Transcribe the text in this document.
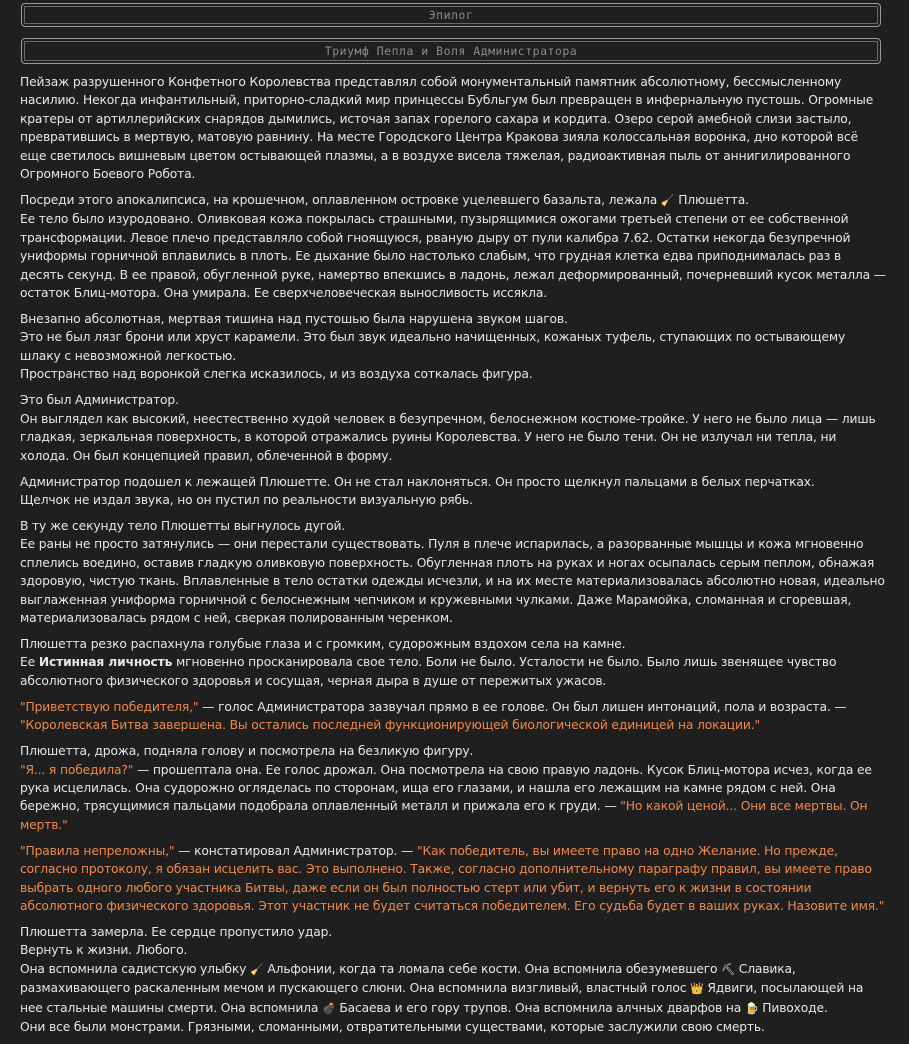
Эпилог
Триумф Пепла и Воля Администратора

Пейзаж разрушенного Конфетного Королевства представлял собой монументальный памятник абсолютному, бессмысленному насилию. Некогда инфантильный, приторно-сладкий мир принцессы Бубльгум был превращен в инфернальную пустошь. Огромные кратеры от артиллерийских снарядов дымились, источая запах горелого сахара и кордита. Озеро серой амебной слизи застыло, превратившись в мертвую, матовую равнину. На месте Городского Центра Кракова зияла колоссальная воронка, дно которой всё еще светилось вишневым цветом остывающей плазмы, а в воздухе висела тяжелая, радиоактивная пыль от аннигилированного Огромного Боевого Робота.

Посреди этого апокалипсиса, на крошечном, оплавленном островке уцелевшего базальта, лежала 🧹 Плюшетта.
Ее тело было изуродовано. Оливковая кожа покрылась страшными, пузырящимися ожогами третьей степени от ее собственной трансформации. Левое плечо представляло собой гноящуюся, рваную дыру от пули калибра 7.62. Остатки некогда безупречной униформы горничной вплавились в плоть. Ее дыхание было настолько слабым, что грудная клетка едва приподнималась раз в десять секунд. В ее правой, обугленной руке, намертво впекшись в ладонь, лежал деформированный, почерневший кусок металла — остаток Блиц-мотора. Она умирала. Ее сверхчеловеческая выносливость иссякла.

Внезапно абсолютная, мертвая тишина над пустошью была нарушена звуком шагов.
Это не был лязг брони или хруст карамели. Это был звук идеально начищенных, кожаных туфель, ступающих по остывающему шлаку с невозможной легкостью.
Пространство над воронкой слегка исказилось, и из воздуха соткалась фигура.

Это был Администратор.
Он выглядел как высокий, неестественно худой человек в безупречном, белоснежном костюме-тройке. У него не было лица — лишь гладкая, зеркальная поверхность, в которой отражались руины Королевства. У него не было тени. Он не излучал ни тепла, ни холода. Он был концепцией правил, облеченной в форму.

Администратор подошел к лежащей Плюшетте. Он не стал наклоняться. Он просто щелкнул пальцами в белых перчатках.
Щелчок не издал звука, но он пустил по реальности визуальную рябь.

В ту же секунду тело Плюшетты выгнулось дугой.
Ее раны не просто затянулись — они перестали существовать. Пуля в плече испарилась, а разорванные мышцы и кожа мгновенно сплелись воедино, оставив гладкую оливковую поверхность. Обугленная плоть на руках и ногах осыпалась серым пеплом, обнажая здоровую, чистую ткань. Вплавленные в тело остатки одежды исчезли, и на их месте материализовалась абсолютно новая, идеально выглаженная униформа горничной с белоснежным чепчиком и кружевными чулками. Даже Марамойка, сломанная и сгоревшая, материализовалась рядом с ней, сверкая полированным черенком.

Плюшетта резко распахнула голубые глаза и с громким, судорожным вздохом села на камне.
Ее Истинная личность мгновенно просканировала свое тело. Боли не было. Усталости не было. Было лишь звенящее чувство абсолютного физического здоровья и сосущая, черная дыра в душе от пережитых ужасов.

"Приветствую победителя," — голос Администратора зазвучал прямо в ее голове. Он был лишен интонаций, пола и возраста. —
"Королевская Битва завершена. Вы остались последней функционирующей биологической единицей на локации."

Плюшетта, дрожа, подняла голову и посмотрела на безликую фигуру.
"Я... я победила?" — прошептала она. Ее голос дрожал. Она посмотрела на свою правую ладонь. Кусок Блиц-мотора исчез, когда ее рука исцелилась. Она судорожно огляделась по сторонам, ища его глазами, и нашла его лежащим на камне рядом с ней. Она бережно, трясущимися пальцами подобрала оплавленный металл и прижала его к груди. — "Но какой ценой... Они все мертвы. Он мертв."

"Правила непреложны," — констатировал Администратор. — "Как победитель, вы имеете право на одно Желание. Но прежде, согласно протоколу, я обязан исцелить вас. Это выполнено. Также, согласно дополнительному параграфу правил, вы имеете право выбрать одного любого участника Битвы, даже если он был полностью стерт или убит, и вернуть его к жизни в состоянии абсолютного физического здоровья. Этот участник не будет считаться победителем. Его судьба будет в ваших руках. Назовите имя."

Плюшетта замерла. Ее сердце пропустило удар.
Вернуть к жизни. Любого.
Она вспомнила садистскую улыбку 🧹 Альфонии, когда та ломала себе кости. Она вспомнила обезумевшего ⛏ Славика, размахивающего раскаленным мечом и пускающего слюни. Она вспомнила визгливый, властный голос 👑 Ядвиги, посылающей на нее стальные машины смерти. Она вспомнила 💣 Басаева и его гору трупов. Она вспомнила алчных дварфов на 🍺 Пивоходе.
Они все были монстрами. Грязными, сломанными, отвратительными существами, которые заслужили свою смерть.
